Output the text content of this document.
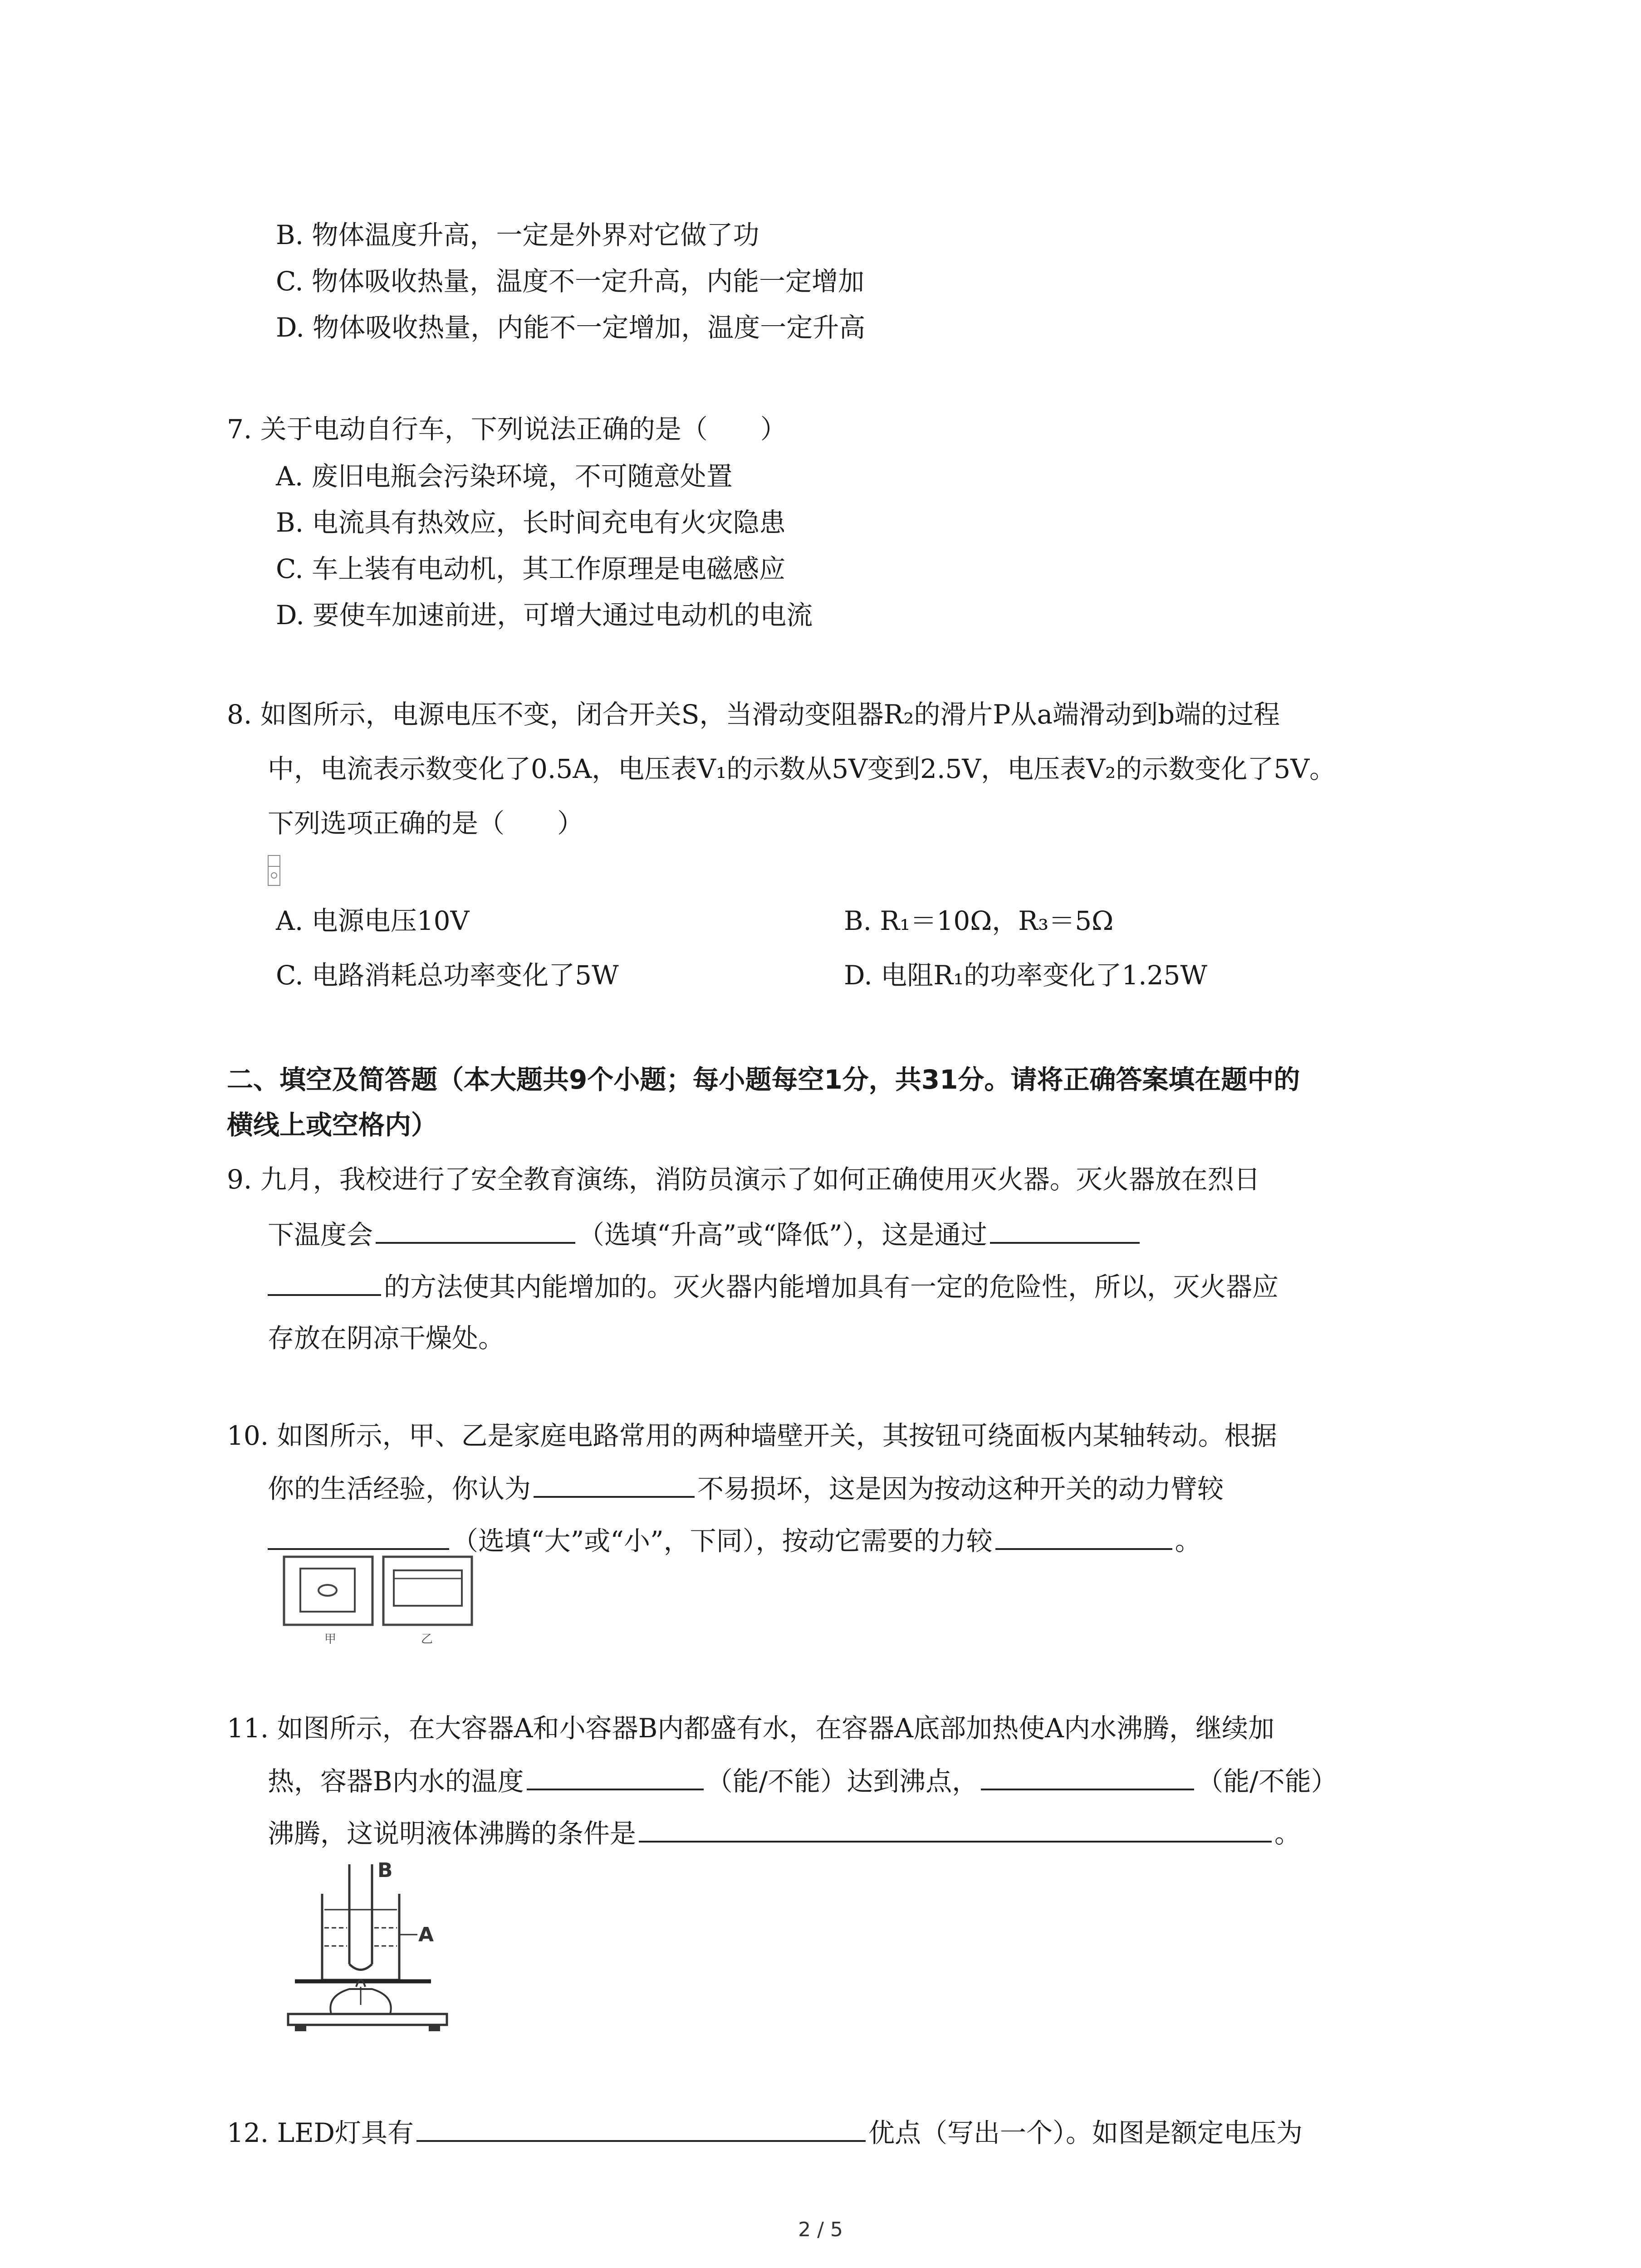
B. 物体温度升高，一定是外界对它做了功
C. 物体吸收热量，温度不一定升高，内能一定增加
D. 物体吸收热量，内能不一定增加，温度一定升高
7. 关于电动自行车，下列说法正确的是（　　）
A. 废旧电瓶会污染环境，不可随意处置
B. 电流具有热效应，长时间充电有火灾隐患
C. 车上装有电动机，其工作原理是电磁感应
D. 要使车加速前进，可增大通过电动机的电流
8. 如图所示，电源电压不变，闭合开关S，当滑动变阻器R₂的滑片P从a端滑动到b端的过程
中，电流表示数变化了0.5A，电压表V₁的示数从5V变到2.5V，电压表V₂的示数变化了5V。
下列选项正确的是（　　）
A. 电源电压10V	B. R₁＝10Ω，R₃＝5Ω
C. 电路消耗总功率变化了5W	D. 电阻R₁的功率变化了1.25W
二、填空及简答题（本大题共9个小题；每小题每空1分，共31分。请将正确答案填在题中的
横线上或空格内）
9. 九月，我校进行了安全教育演练，消防员演示了如何正确使用灭火器。灭火器放在烈日
下温度会	（选填“升高”或“降低”），这是通过
的方法使其内能增加的。灭火器内能增加具有一定的危险性，所以，灭火器应
存放在阴凉干燥处。
10. 如图所示，甲、乙是家庭电路常用的两种墙壁开关，其按钮可绕面板内某轴转动。根据
你的生活经验，你认为	不易损坏，这是因为按动这种开关的动力臂较
（选填“大”或“小”，下同），按动它需要的力较	。
甲	乙
11. 如图所示，在大容器A和小容器B内都盛有水，在容器A底部加热使A内水沸腾，继续加
热，容器B内水的温度	（能/不能）达到沸点，	（能/不能）
沸腾，这说明液体沸腾的条件是	。
B
A
12. LED灯具有	优点（写出一个）。如图是额定电压为
2 / 5
